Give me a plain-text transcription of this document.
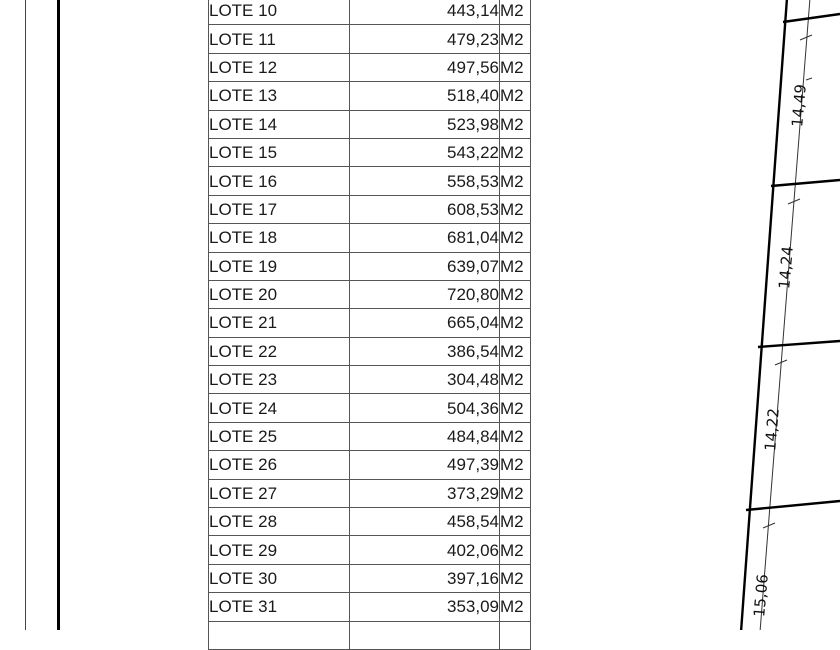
LOTE 10	443,14	M2
LOTE 11	479,23	M2
LOTE 12	497,56	M2
LOTE 13	518,40	M2
LOTE 14	523,98	M2
LOTE 15	543,22	M2
LOTE 16	558,53	M2
LOTE 17	608,53	M2
LOTE 18	681,04	M2
LOTE 19	639,07	M2
LOTE 20	720,80	M2
LOTE 21	665,04	M2
LOTE 22	386,54	M2
LOTE 23	304,48	M2
LOTE 24	504,36	M2
LOTE 25	484,84	M2
LOTE 26	497,39	M2
LOTE 27	373,29	M2
LOTE 28	458,54	M2
LOTE 29	402,06	M2
LOTE 30	397,16	M2
LOTE 31	353,09	M2

14,49
14,24
14,22
15,06
